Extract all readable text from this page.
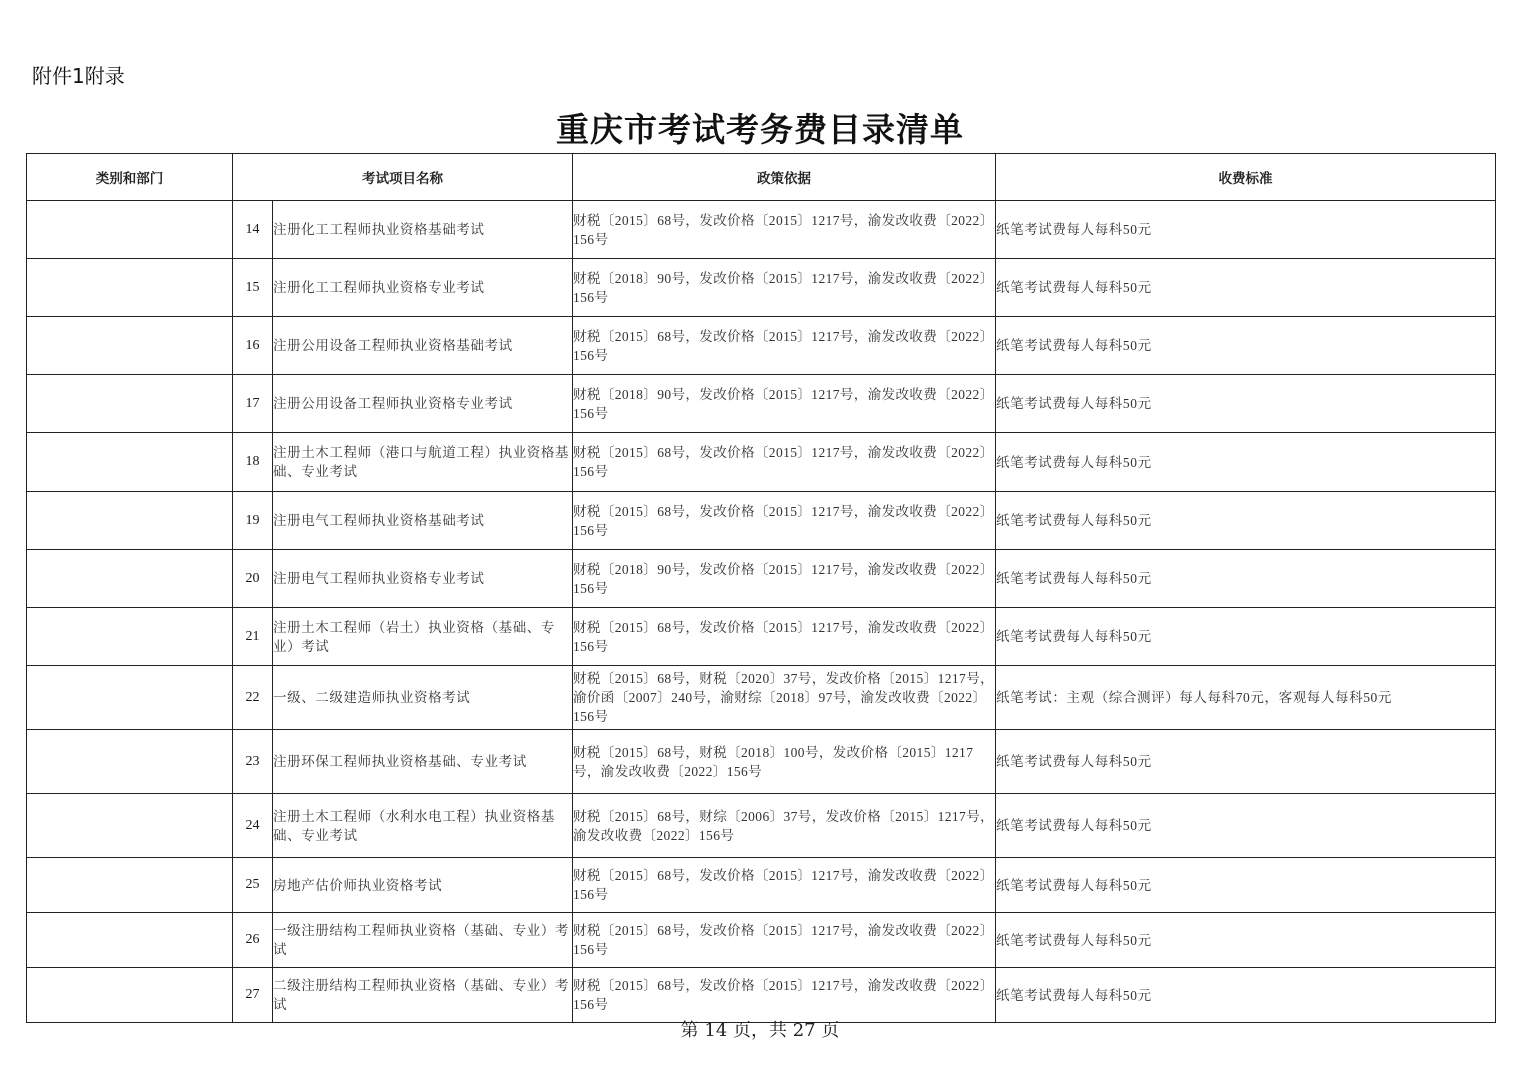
附件1附录
重庆市考试考务费目录清单
类别和部门	考试项目名称		政策依据	收费标准
	14	注册化工工程师执业资格基础考试	财税〔2015〕68号，发改价格〔2015〕1217号，渝发改收费〔2022〕156号	纸笔考试费每人每科50元
	15	注册化工工程师执业资格专业考试	财税〔2018〕90号，发改价格〔2015〕1217号，渝发改收费〔2022〕156号	纸笔考试费每人每科50元
	16	注册公用设备工程师执业资格基础考试	财税〔2015〕68号，发改价格〔2015〕1217号，渝发改收费〔2022〕156号	纸笔考试费每人每科50元
	17	注册公用设备工程师执业资格专业考试	财税〔2018〕90号，发改价格〔2015〕1217号，渝发改收费〔2022〕156号	纸笔考试费每人每科50元
	18	注册土木工程师（港口与航道工程）执业资格基础、专业考试	财税〔2015〕68号，发改价格〔2015〕1217号，渝发改收费〔2022〕156号	纸笔考试费每人每科50元
	19	注册电气工程师执业资格基础考试	财税〔2015〕68号，发改价格〔2015〕1217号，渝发改收费〔2022〕156号	纸笔考试费每人每科50元
	20	注册电气工程师执业资格专业考试	财税〔2018〕90号，发改价格〔2015〕1217号，渝发改收费〔2022〕156号	纸笔考试费每人每科50元
	21	注册土木工程师（岩土）执业资格（基础、专业）考试	财税〔2015〕68号，发改价格〔2015〕1217号，渝发改收费〔2022〕156号	纸笔考试费每人每科50元
	22	一级、二级建造师执业资格考试	财税〔2015〕68号，财税〔2020〕37号，发改价格〔2015〕1217号，渝价函〔2007〕240号，渝财综〔2018〕97号，渝发改收费〔2022〕156号	纸笔考试：主观（综合测评）每人每科70元，客观每人每科50元
	23	注册环保工程师执业资格基础、专业考试	财税〔2015〕68号，财税〔2018〕100号，发改价格〔2015〕1217号，渝发改收费〔2022〕156号	纸笔考试费每人每科50元
	24	注册土木工程师（水利水电工程）执业资格基础、专业考试	财税〔2015〕68号，财综〔2006〕37号，发改价格〔2015〕1217号，渝发改收费〔2022〕156号	纸笔考试费每人每科50元
	25	房地产估价师执业资格考试	财税〔2015〕68号，发改价格〔2015〕1217号，渝发改收费〔2022〕156号	纸笔考试费每人每科50元
	26	一级注册结构工程师执业资格（基础、专业）考试	财税〔2015〕68号，发改价格〔2015〕1217号，渝发改收费〔2022〕156号	纸笔考试费每人每科50元
	27	二级注册结构工程师执业资格（基础、专业）考试	财税〔2015〕68号，发改价格〔2015〕1217号，渝发改收费〔2022〕156号	纸笔考试费每人每科50元
第 14 页，共 27 页
